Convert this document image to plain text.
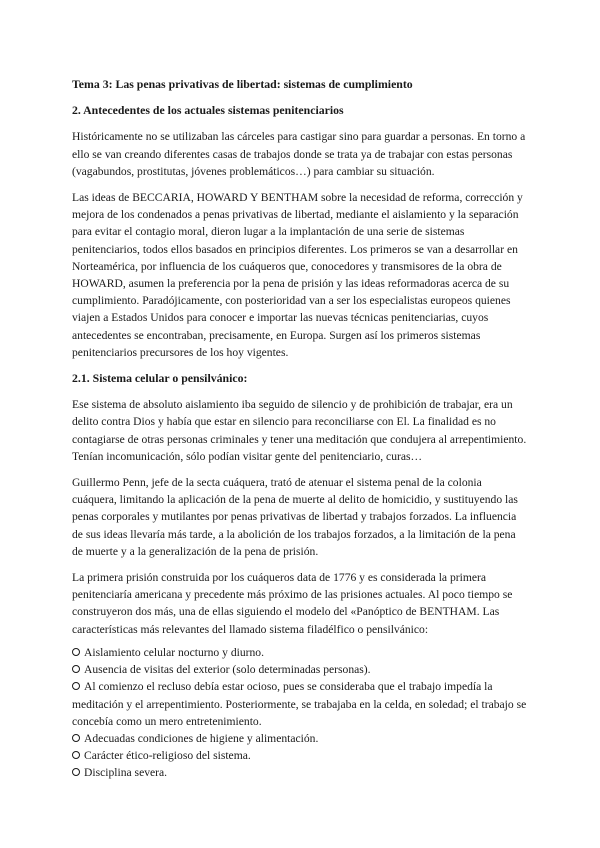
Tema 3: Las penas privativas de libertad: sistemas de cumplimiento
2. Antecedentes de los actuales sistemas penitenciarios
Históricamente no se utilizaban las cárceles para castigar sino para guardar a personas. En torno a ello se van creando diferentes casas de trabajos donde se trata ya de trabajar con estas personas (vagabundos, prostitutas, jóvenes problemáticos…) para cambiar su situación.
Las ideas de BECCARIA, HOWARD Y BENTHAM sobre la necesidad de reforma, corrección y mejora de los condenados a penas privativas de libertad, mediante el aislamiento y la separación para evitar el contagio moral, dieron lugar a la implantación de una serie de sistemas penitenciarios, todos ellos basados en principios diferentes. Los primeros se van a desarrollar en Norteamérica, por influencia de los cuáqueros que, conocedores y transmisores de la obra de HOWARD, asumen la preferencia por la pena de prisión y las ideas reformadoras acerca de su cumplimiento. Paradójicamente, con posterioridad van a ser los especialistas europeos quienes viajen a Estados Unidos para conocer e importar las nuevas técnicas penitenciarias, cuyos antecedentes se encontraban, precisamente, en Europa. Surgen así los primeros sistemas penitenciarios precursores de los hoy vigentes.
2.1. Sistema celular o pensilvánico:
Ese sistema de absoluto aislamiento iba seguido de silencio y de prohibición de trabajar, era un delito contra Dios y había que estar en silencio para reconciliarse con El. La finalidad es no contagiarse de otras personas criminales y tener una meditación que condujera al arrepentimiento. Tenían incomunicación, sólo podían visitar gente del penitenciario, curas…
Guillermo Penn, jefe de la secta cuáquera, trató de atenuar el sistema penal de la colonia cuáquera, limitando la aplicación de la pena de muerte al delito de homicidio, y sustituyendo las penas corporales y mutilantes por penas privativas de libertad y trabajos forzados. La influencia de sus ideas llevaría más tarde, a la abolición de los trabajos forzados, a la limitación de la pena de muerte y a la generalización de la pena de prisión.
La primera prisión construida por los cuáqueros data de 1776 y es considerada la primera penitenciaría americana y precedente más próximo de las prisiones actuales. Al poco tiempo se construyeron dos más, una de ellas siguiendo el modelo del «Panóptico de BENTHAM. Las características más relevantes del llamado sistema filadélfico o pensilvánico:
Aislamiento celular nocturno y diurno.
Ausencia de visitas del exterior (solo determinadas personas).
Al comienzo el recluso debía estar ocioso, pues se consideraba que el trabajo impedía la meditación y el arrepentimiento. Posteriormente, se trabajaba en la celda, en soledad; el trabajo se concebía como un mero entretenimiento.
Adecuadas condiciones de higiene y alimentación.
Carácter ético-religioso del sistema.
Disciplina severa.
